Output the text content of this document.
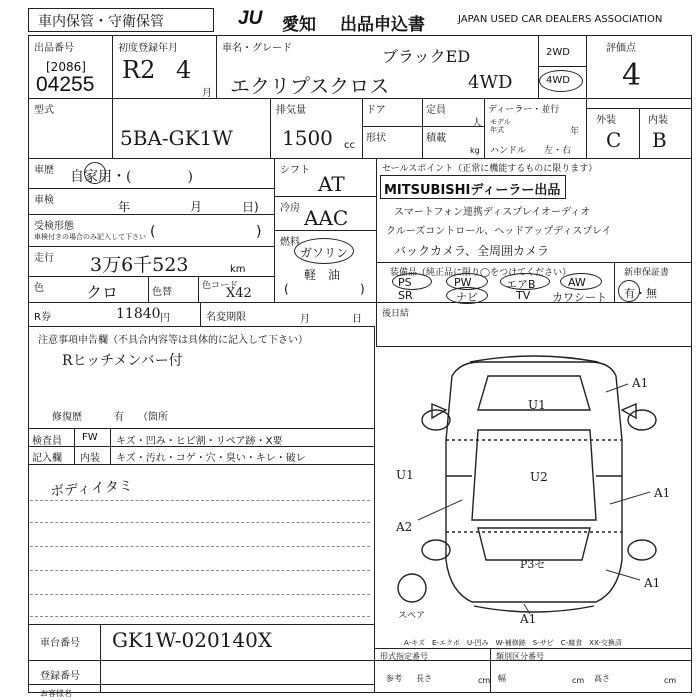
車内保管・守衛保管	JU 愛知 出品申込書	JAPAN USED CAR DEALERS ASSOCIATION
出品番号
[2086]
04255
初度登録年月
R2 4
月
車名・グレード	ブラックED
エクリプスクロス	4WD
2WD
4WD
評価点
4
型式
5BA-GK1W
排気量
1500 cc
ドア
形状
定員
人
積載
kg
ディーラー・並行
モデル年式	年
ハンドル 左・右
外装	内装
C B
車歴 自家用・(　　　　)
車検	年	月	日)
受検形態
車検付きの場合のみ記入して下さい (	)
走行 3万6千523	km
色	クロ	色替
色コード
X42
シフト
AT
冷房 AAC
燃料
ガソリン
軽　油
(	)
セールスポイント（正常に機能するものに限ります）
MITSUBISHIディーラー出品
スマートフォン連携ディスプレイオーディオ
クルーズコントロール、ヘッドアップディスプレイ
バックカメラ、全周囲カメラ
装備品（純正品に限り◯をつけてください）
PS	PW	エアB	AW
SR	ナビ	TV カワシート
新車保証書
有・無
R券	11840 円	名変期限	月	日 後日結
注意事項申告欄（不具合内容等は具体的に記入して下さい）
Rヒッチメンバー付
修復歴	有 （箇所
検査員
記入欄
FW キズ・凹み・ヒビ割・リペア跡・X要
内装 キズ・汚れ・コゲ・穴・臭い・キレ・破レ
ボディイタミ
U1
U2
P3セ
A1
A1
A1
A1
A2
U1
スペア
A-キズ　E-エクボ　U-凹み　W-補修跡　S-サビ　C-腐食　XX-交換済
車台番号 GK1W-020140X
登録番号
お客様名
形式指定番号
参考
類別区分番号
長さ	cm 幅	cm 高さ	cm
